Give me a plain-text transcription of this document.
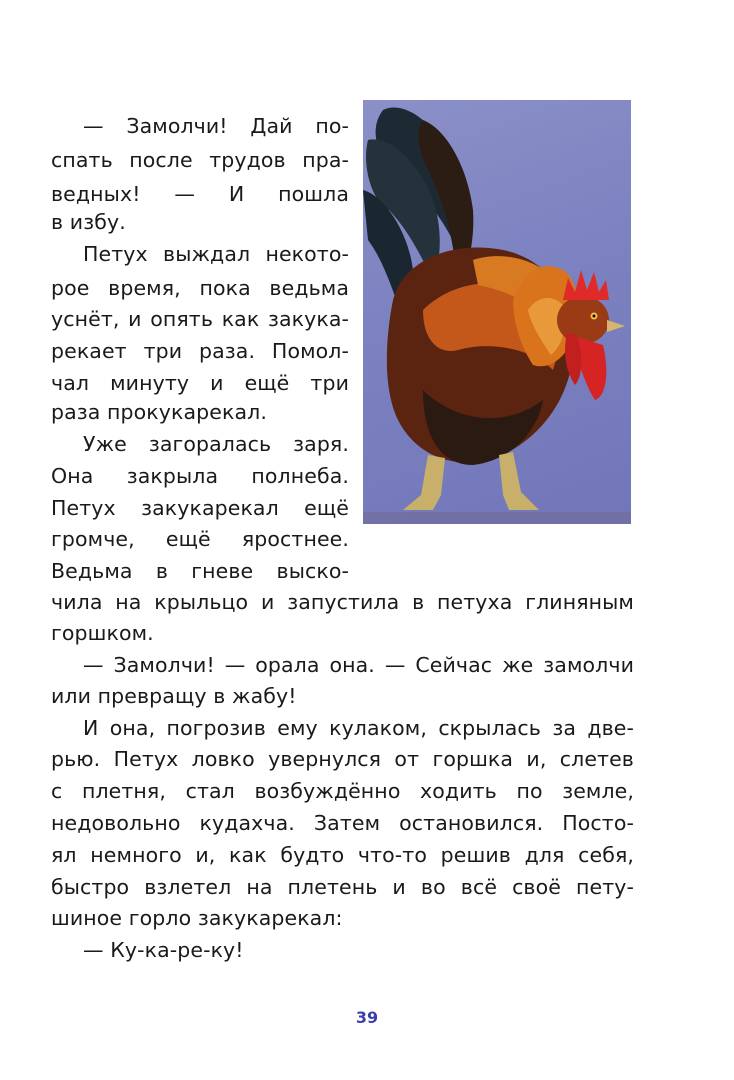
— Замолчи! Дай по-
спать после трудов пра-
ведных! — И пошла
в избу.
Петух выждал некото-
рое время, пока ведьма
уснёт, и опять как закука-
рекает три раза. Помол-
чал минуту и ещё три
раза прокукарекал.
Уже загоралась заря.
Она закрыла полнеба.
Петух закукарекал ещё
громче, ещё яростнее.
Ведьма в гневе выско-
чила на крыльцо и запустила в петуха глиняным
горшком.
— Замолчи! — орала она. — Сейчас же замолчи
или превращу в жабу!
И она, погрозив ему кулаком, скрылась за две-
рью. Петух ловко увернулся от горшка и, слетев
с плетня, стал возбуждённо ходить по земле,
недовольно кудахча. Затем остановился. Посто-
ял немного и, как будто что-то решив для себя,
быстро взлетел на плетень и во всё своё пету-
шиное горло закукарекал:
— Ку-ка-ре-ку!
39
